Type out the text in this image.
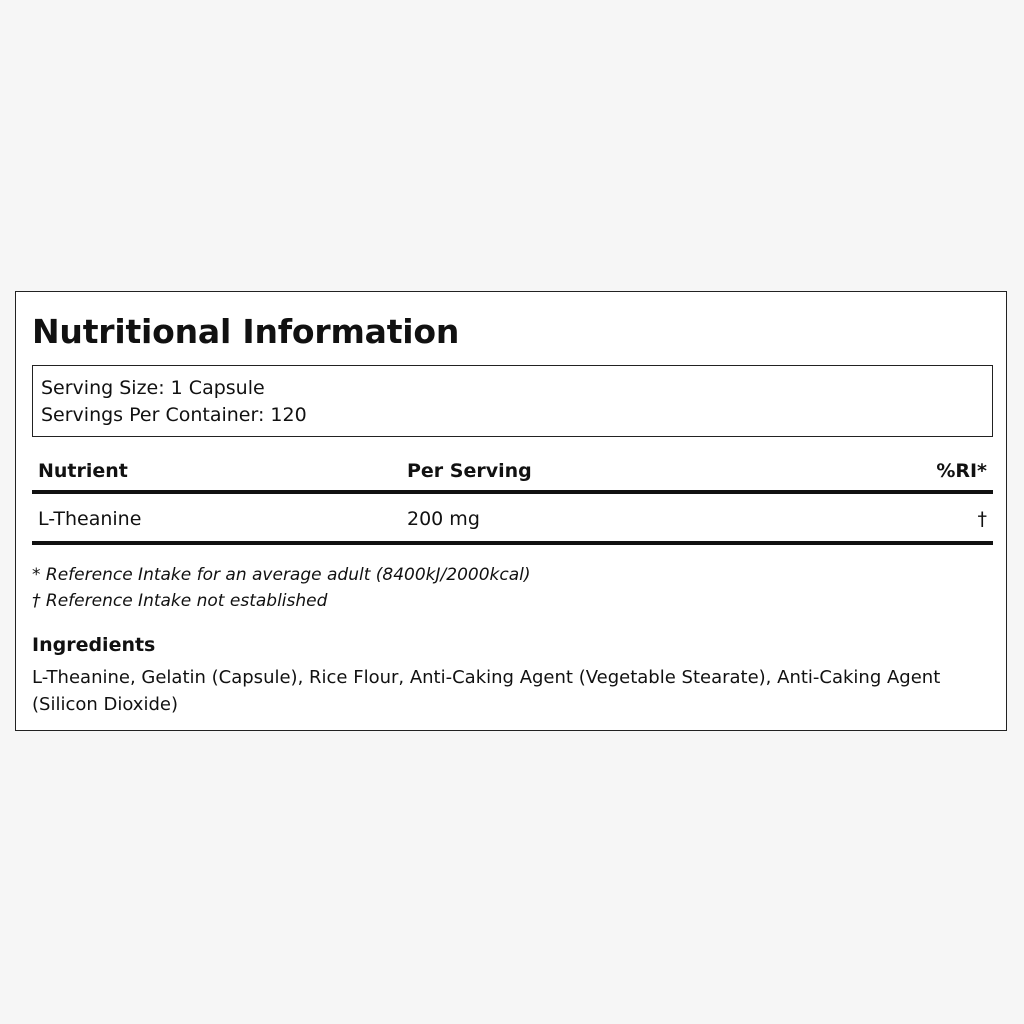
Nutritional Information
Serving Size: 1 Capsule
Servings Per Container: 120
Nutrient	Per Serving	%RI*
L-Theanine	200 mg	†
* Reference Intake for an average adult (8400kJ/2000kcal)
† Reference Intake not established
Ingredients

L-Theanine, Gelatin (Capsule), Rice Flour, Anti-Caking Agent (Vegetable Stearate), Anti-Caking Agent (Silicon Dioxide)
